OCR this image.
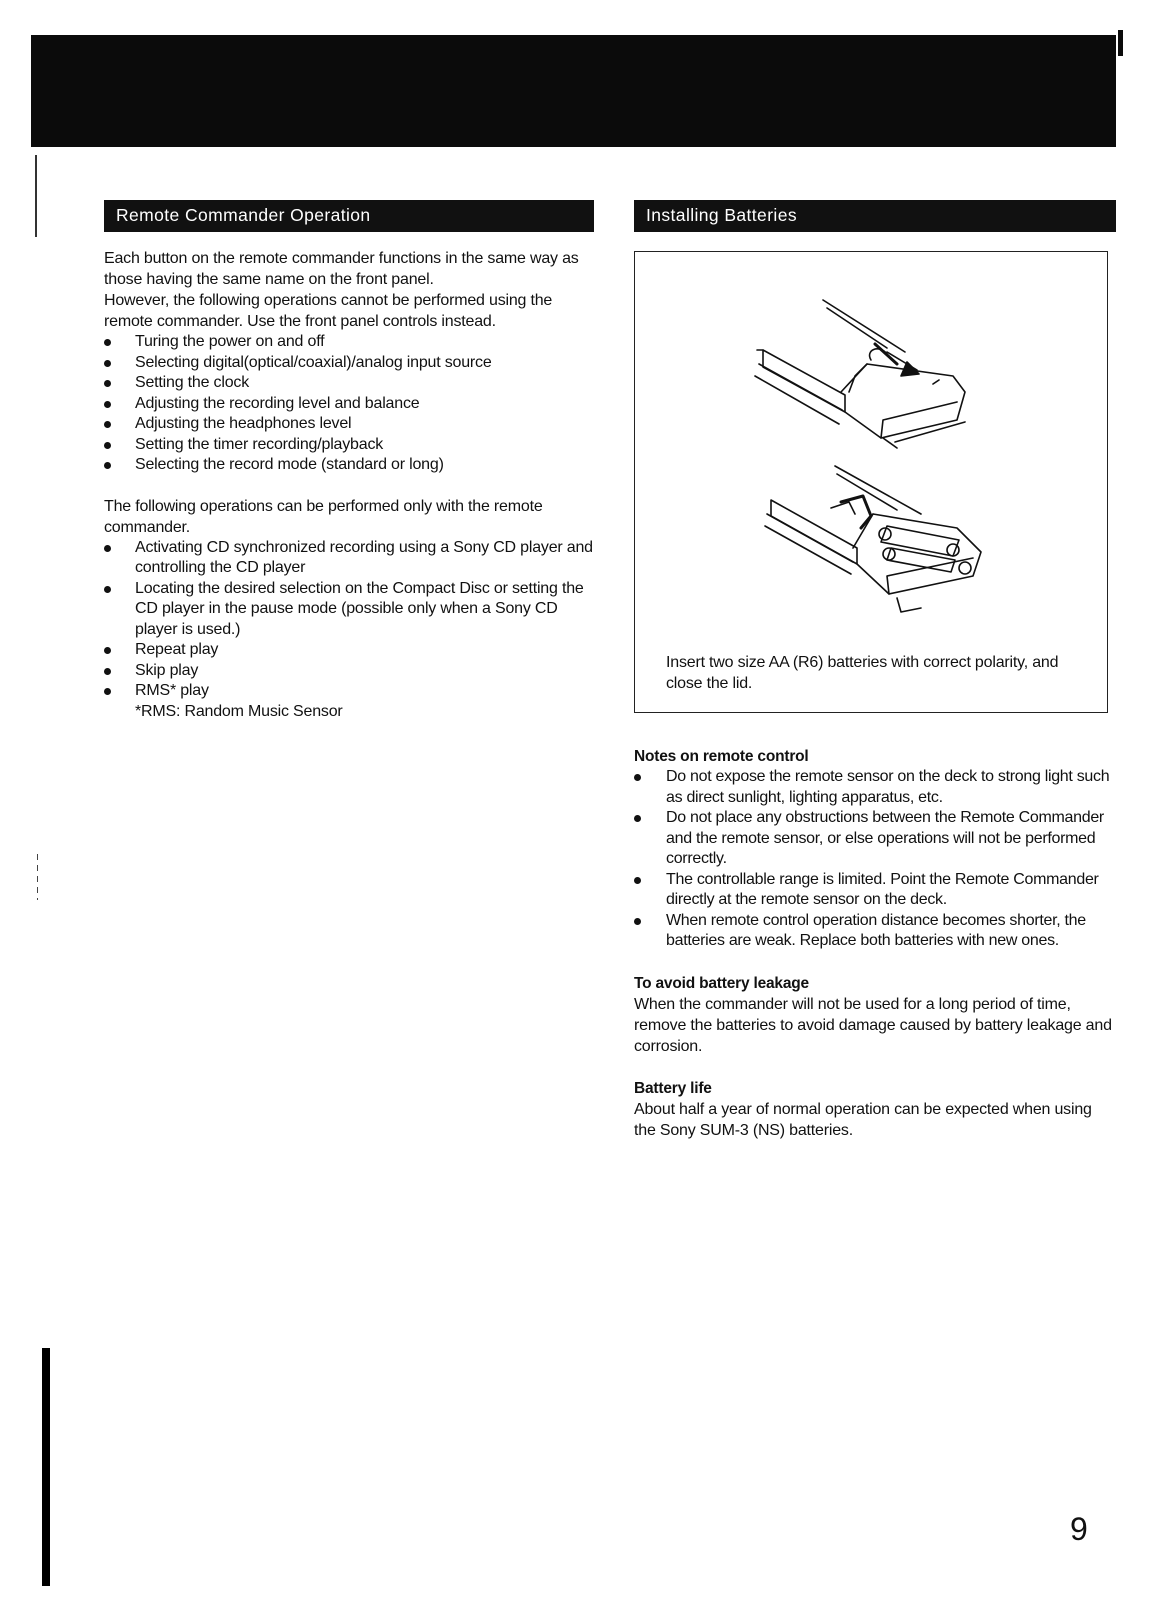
Remote Commander Operation

Each button on the remote commander functions in the same way as those having the same name on the front panel.

However, the following operations cannot be performed using the remote commander. Use the front panel controls instead.

Turing the power on and off
Selecting digital(optical/coaxial)/analog input source
Setting the clock
Adjusting the recording level and balance
Adjusting the headphones level
Setting the timer recording/playback
Selecting the record mode (standard or long)

The following operations can be performed only with the remote commander.

Activating CD synchronized recording using a Sony CD player and controlling the CD player
Locating the desired selection on the Compact Disc or setting the CD player in the pause mode (possible only when a Sony CD player is used.)
Repeat play
Skip play
RMS* play
*RMS: Random Music Sensor
Installing Batteries
Insert two size AA (R6) batteries with correct polarity, and close the lid.

Notes on remote control

Do not expose the remote sensor on the deck to strong light such as direct sunlight, lighting apparatus, etc.
Do not place any obstructions between the Remote Commander and the remote sensor, or else operations will not be performed correctly.
The controllable range is limited. Point the Remote Commander directly at the remote sensor on the deck.
When remote control operation distance becomes shorter, the batteries are weak. Replace both batteries with new ones.

To avoid battery leakage

When the commander will not be used for a long period of time, remove the batteries to avoid damage caused by battery leakage and corrosion.

Battery life

About half a year of normal operation can be expected when using the Sony SUM-3 (NS) batteries.

9
